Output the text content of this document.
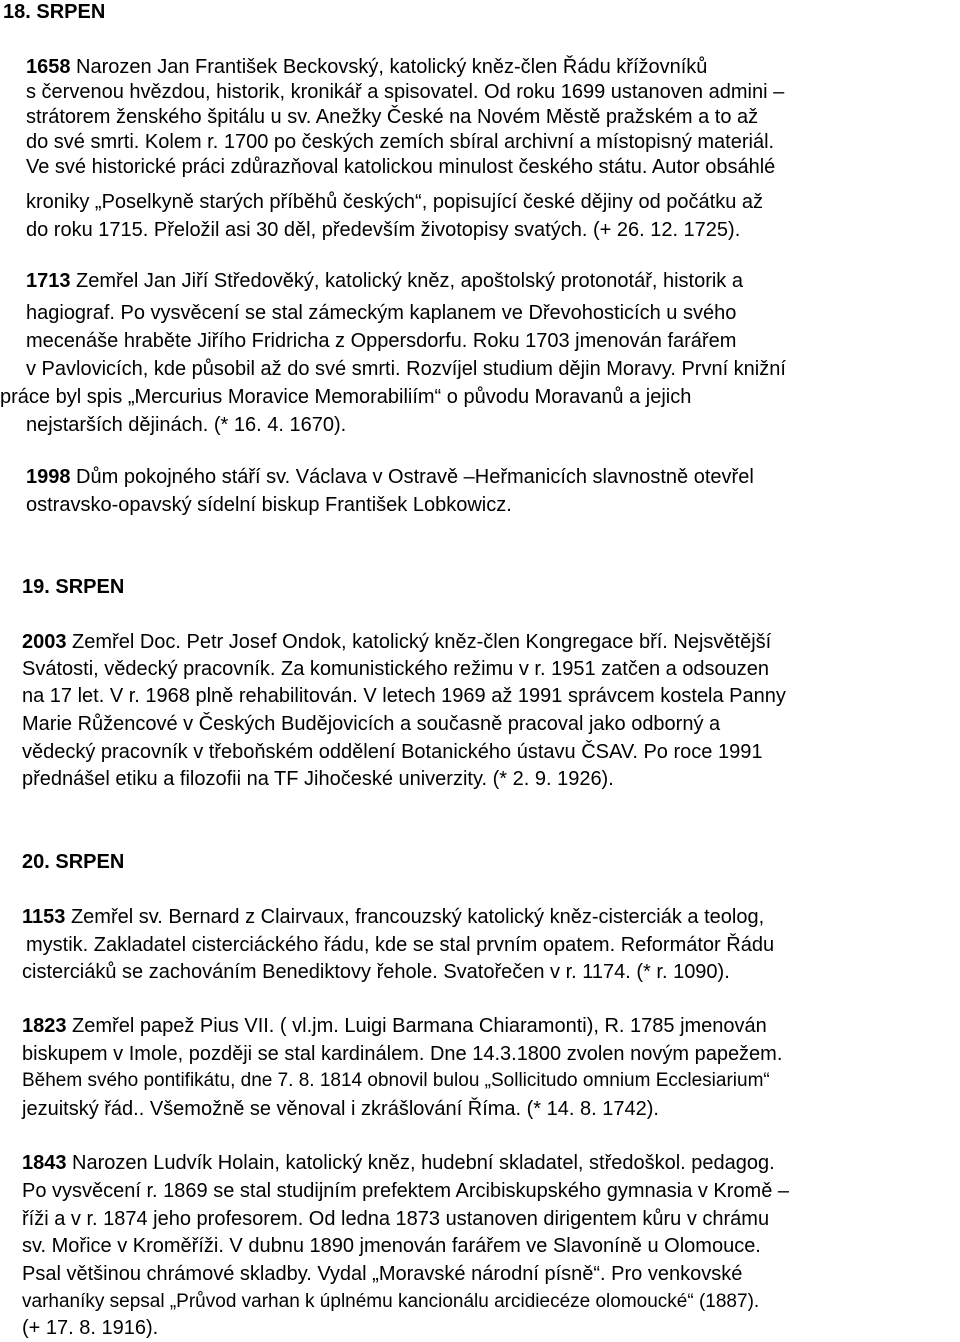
18. SRPEN
1658 Narozen Jan František Beckovský, katolický kněz-člen Řádu křížovníků
s červenou hvězdou, historik, kronikář a spisovatel. Od roku 1699 ustanoven admini –
strátorem ženského špitálu u sv. Anežky České na Novém Městě pražském a to až
do své smrti. Kolem r. 1700 po českých zemích sbíral archivní a místopisný materiál.
Ve své historické práci zdůrazňoval katolickou minulost českého státu. Autor obsáhlé
kroniky „Poselkyně starých příběhů českých“, popisující české dějiny od počátku až
do roku 1715. Přeložil asi 30 děl, především životopisy svatých. (+ 26. 12. 1725).
1713 Zemřel Jan Jiří Středověký, katolický kněz, apoštolský protonotář, historik a
hagiograf. Po vysvěcení se stal zámeckým kaplanem ve Dřevohosticích u svého
mecenáše hraběte Jiřího Fridricha z Oppersdorfu. Roku 1703 jmenován farářem
v Pavlovicích, kde působil až do své smrti. Rozvíjel studium dějin Moravy. První knižní
práce byl spis „Mercurius Moravice Memorabiliím“ o původu Moravanů a jejich
nejstarších dějinách. (* 16. 4. 1670).
1998 Dům pokojného stáří sv. Václava v Ostravě –Heřmanicích slavnostně otevřel
ostravsko-opavský sídelní biskup František Lobkowicz.
19. SRPEN
2003 Zemřel Doc. Petr Josef Ondok, katolický kněz-člen Kongregace bří. Nejsvětější
Svátosti, vědecký pracovník. Za komunistického režimu v r. 1951 zatčen a odsouzen
na 17 let. V r. 1968 plně rehabilitován. V letech 1969 až 1991 správcem kostela Panny
Marie Růžencové v Českých Budějovicích a současně pracoval jako odborný a
vědecký pracovník v třeboňském oddělení Botanického ústavu ČSAV. Po roce 1991
přednášel etiku a filozofii na TF Jihočeské univerzity. (* 2. 9. 1926).
20. SRPEN
1153 Zemřel sv. Bernard z Clairvaux, francouzský katolický kněz-cisterciák a teolog,
mystik. Zakladatel cisterciáckého řádu, kde se stal prvním opatem. Reformátor Řádu
cisterciáků se zachováním Benediktovy řehole. Svatořečen v r. 1174. (* r. 1090).
1823 Zemřel papež Pius VII. ( vl.jm. Luigi Barmana Chiaramonti), R. 1785 jmenován
biskupem v Imole, později se stal kardinálem. Dne 14.3.1800 zvolen novým papežem.
Během svého pontifikátu, dne 7. 8. 1814 obnovil bulou „Sollicitudo omnium Ecclesiarium“
jezuitský řád.. Všemožně se věnoval i zkrášlování Říma. (* 14. 8. 1742).
1843 Narozen Ludvík Holain, katolický kněz, hudební skladatel, středoškol. pedagog.
Po vysvěcení r. 1869 se stal studijním prefektem Arcibiskupského gymnasia v Kromě –
říži a v r. 1874 jeho profesorem. Od ledna 1873 ustanoven dirigentem kůru v chrámu
sv. Mořice v Kroměříži. V dubnu 1890 jmenován farářem ve Slavoníně u Olomouce.
Psal většinou chrámové skladby. Vydal „Moravské národní písně“. Pro venkovské
varhaníky sepsal „Průvod varhan k úplnému kancionálu arcidiecéze olomoucké“ (1887).
(+ 17. 8. 1916).
